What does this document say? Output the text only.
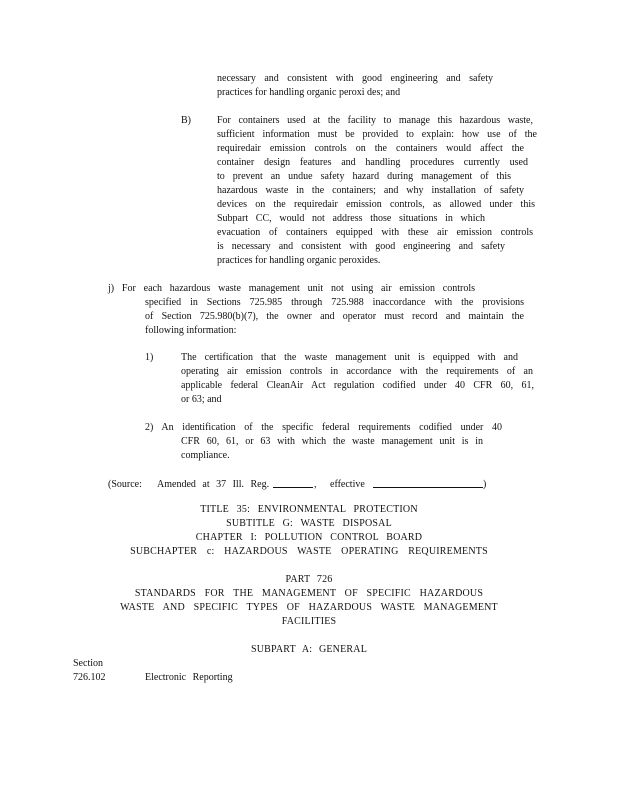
necessary and consistent with good engineering and safety
practices for handling organic peroxi des; and
B)	For containers used at the facility to manage this hazardous waste,
sufficient information must be provided to explain: how use of the
requiredair emission controls on the containers would affect the
container design features and handling procedures currently used
to prevent an undue safety hazard during management of this
hazardous waste in the containers; and why installation of safety
devices on the requiredair emission controls, as allowed under this
Subpart CC, would not address those situations in which
evacuation of containers equipped with these air emission controls
is necessary and consistent with good engineering and safety
practices for handling organic peroxides.
j) For each hazardous waste management unit not using air emission controls
specified in Sections 725.985 through 725.988 inaccordance with the provisions
of Section 725.980(b)(7), the owner and operator must record and maintain the
following information:
1)	The certification that the waste management unit is equipped with and
operating air emission controls in accordance with the requirements of an
applicable federal CleanAir Act regulation codified under 40 CFR 60, 61,
or 63; and
2) An identification of the specific federal requirements codified under 40
CFR 60, 61, or 63 with which the waste management unit is in
compliance.
(Source: Amended at 37 Ill. Reg.	, effective	)
TITLE 35: ENVIRONMENTAL PROTECTION
SUBTITLE G: WASTE DISPOSAL
CHAPTER I: POLLUTION CONTROL BOARD
SUBCHAPTER c: HAZARDOUS WASTE OPERATING REQUIREMENTS
PART 726
STANDARDS FOR THE MANAGEMENT OF SPECIFIC HAZARDOUS
WASTE AND SPECIFIC TYPES OF HAZARDOUS WASTE MANAGEMENT
FACILITIES
SUBPART A: GENERAL
Section
726.102	Electronic Reporting
